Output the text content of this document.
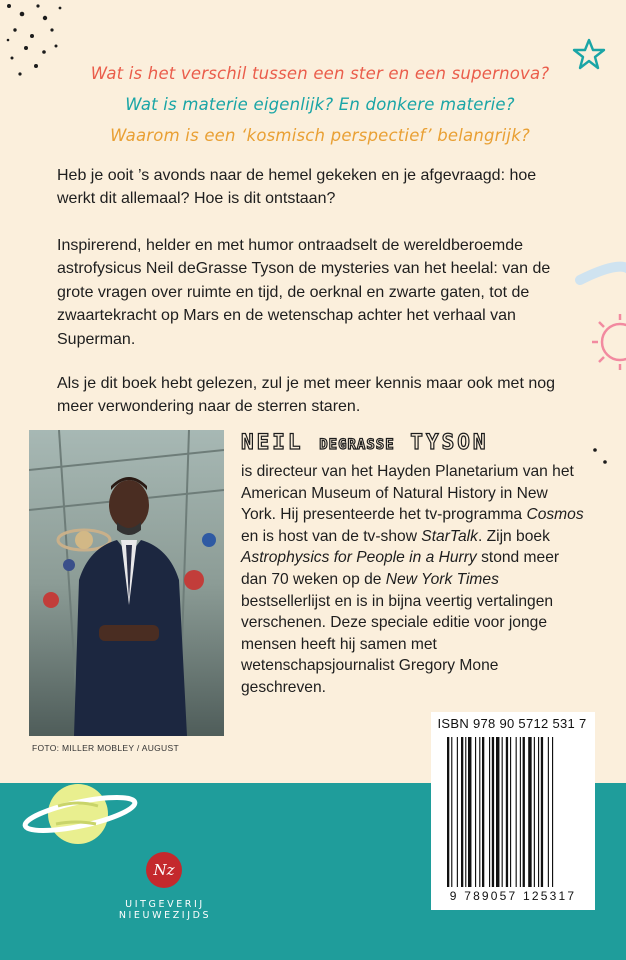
Wat is het verschil tussen een ster en een supernova?
Wat is materie eigenlijk? En donkere materie?
Waarom is een ‘kosmisch perspectief’ belangrijk?

Heb je ooit ’s avonds naar de hemel gekeken en je afgevraagd: hoe werkt dit allemaal? Hoe is dit ontstaan?

Inspirerend, helder en met humor ontraadselt de wereldberoemde astrofysicus Neil deGrasse Tyson de mysteries van het heelal: van de grote vragen over ruimte en tijd, de oerknal en zwarte gaten, tot de zwaartekracht op Mars en de wetenschap achter het verhaal van Superman.

Als je dit boek hebt gelezen, zul je met meer kennis maar ook met nog meer verwondering naar de sterren staren.

FOTO: MILLER MOBLEY / AUGUST
NEIL DEGRASSE TYSON
is directeur van het Hayden Planetarium van het American Museum of Natural History in New York. Hij presenteerde het tv-programma Cosmos en is host van de tv-show StarTalk. Zijn boek Astrophysics for People in a Hurry stond meer dan 70 weken op de New York Times bestsellerlijst en is in bijna veertig vertalingen verschenen. Deze speciale editie voor jonge mensen heeft hij samen met wetenschapsjournalist Gregory Mone geschreven.
Nz
UITGEVERIJ NIEUWEZIJDS
ISBN 978 90 5712 531 7
9 789057 125317
